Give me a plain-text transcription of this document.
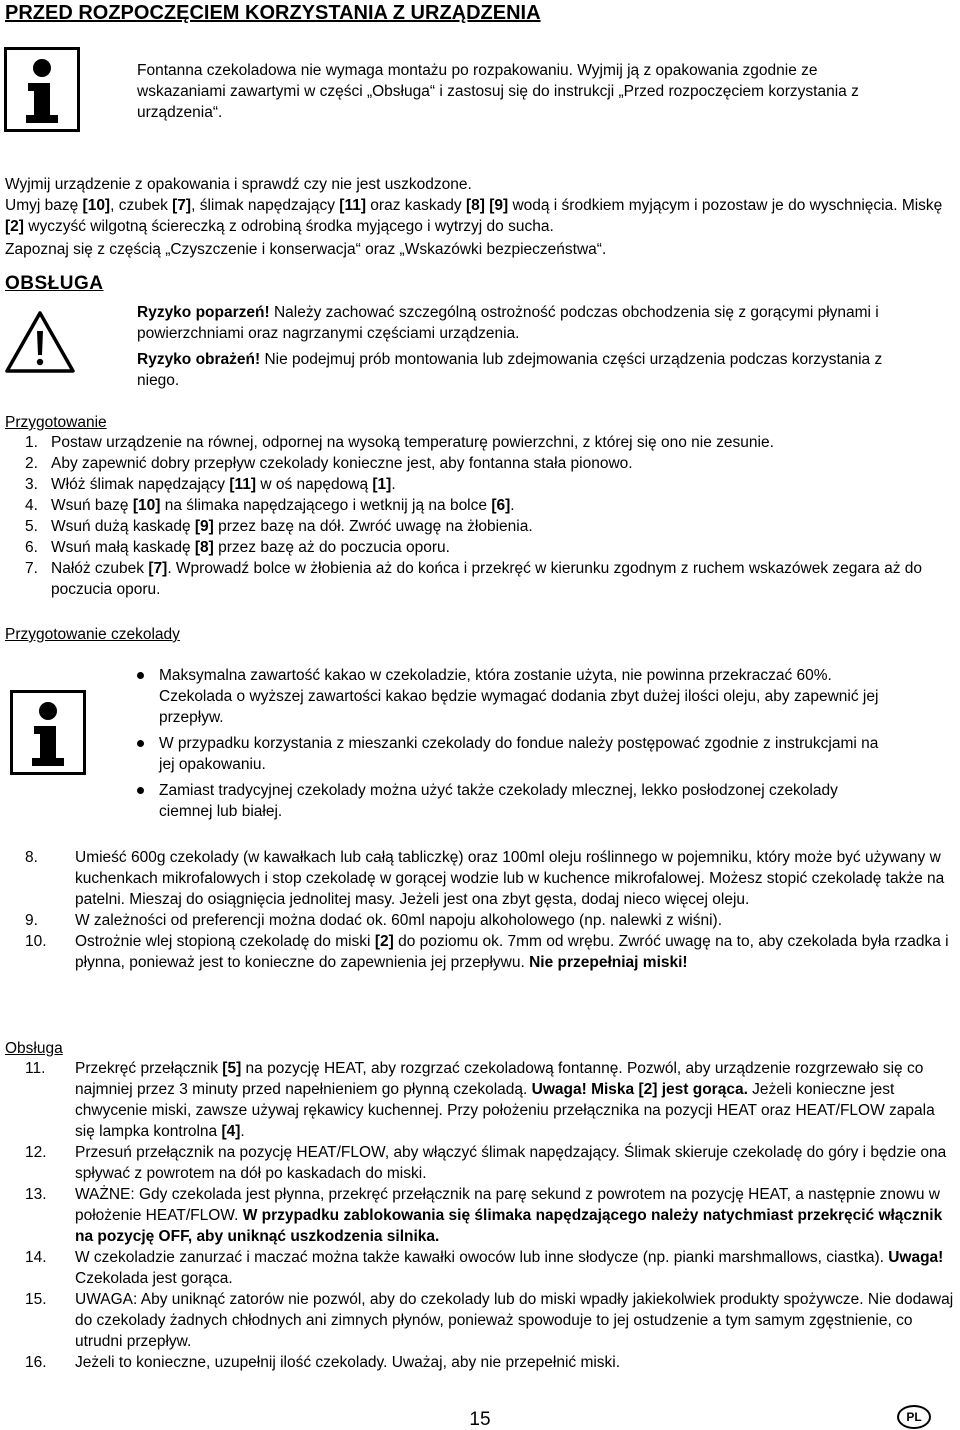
PRZED ROZPOCZĘCIEM KORZYSTANIA Z URZĄDZENIA

Fontanna czekoladowa nie wymaga montażu po rozpakowaniu. Wyjmij ją z opakowania zgodnie ze wskazaniami zawartymi w części „Obsługa“ i zastosuj się do instrukcji „Przed rozpoczęciem korzystania z urządzenia“.

Wyjmij urządzenie z opakowania i sprawdź czy nie jest uszkodzone.

Umyj bazę [10], czubek [7], ślimak napędzający [11] oraz kaskady [8] [9] wodą i środkiem myjącym i pozostaw je do wyschnięcia. Miskę [2] wyczyść wilgotną ściereczką z odrobiną środka myjącego i wytrzyj do sucha.

Zapoznaj się z częścią „Czyszczenie i konserwacja“ oraz „Wskazówki bezpieczeństwa“.

OBSŁUGA

Ryzyko poparzeń! Należy zachować szczególną ostrożność podczas obchodzenia się z gorącymi płynami i powierzchniami oraz nagrzanymi częściami urządzenia.

Ryzyko obrażeń! Nie podejmuj prób montowania lub zdejmowania części urządzenia podczas korzystania z niego.

Przygotowanie
1. Postaw urządzenie na równej, odpornej na wysoką temperaturę powierzchni, z której się ono nie zesunie.
2. Aby zapewnić dobry przepływ czekolady konieczne jest, aby fontanna stała pionowo.
3. Włóż ślimak napędzający [11] w oś napędową [1].
4. Wsuń bazę [10] na ślimaka napędzającego i wetknij ją na bolce [6].
5. Wsuń dużą kaskadę [9] przez bazę na dół. Zwróć uwagę na żłobienia.
6. Wsuń małą kaskadę [8] przez bazę aż do poczucia oporu.
7. Nałóż czubek [7]. Wprowadź bolce w żłobienia aż do końca i przekręć w kierunku zgodnym z ruchem wskazówek zegara aż do poczucia oporu.
Przygotowanie czekolady
Maksymalna zawartość kakao w czekoladzie, która zostanie użyta, nie powinna przekraczać 60%. Czekolada o wyższej zawartości kakao będzie wymagać dodania zbyt dużej ilości oleju, aby zapewnić jej przepływ.
W przypadku korzystania z mieszanki czekolady do fondue należy postępować zgodnie z instrukcjami na jej opakowaniu.
Zamiast tradycyjnej czekolady można użyć także czekolady mlecznej, lekko posłodzonej czekolady ciemnej lub białej.
8. Umieść 600g czekolady (w kawałkach lub całą tabliczkę) oraz 100ml oleju roślinnego w pojemniku, który może być używany w kuchenkach mikrofalowych i stop czekoladę w gorącej wodzie lub w kuchence mikrofalowej. Możesz stopić czekoladę także na patelni. Mieszaj do osiągnięcia jednolitej masy. Jeżeli jest ona zbyt gęsta, dodaj nieco więcej oleju.
9. W zależności od preferencji można dodać ok. 60ml napoju alkoholowego (np. nalewki z wiśni).
10. Ostrożnie wlej stopioną czekoladę do miski [2] do poziomu ok. 7mm od wrębu. Zwróć uwagę na to, aby czekolada była rzadka i płynna, ponieważ jest to konieczne do zapewnienia jej przepływu. Nie przepełniaj miski!
Obsługa
11. Przekręć przełącznik [5] na pozycję HEAT, aby rozgrzać czekoladową fontannę. Pozwól, aby urządzenie rozgrzewało się co najmniej przez 3 minuty przed napełnieniem go płynną czekoladą. Uwaga! Miska [2] jest gorąca. Jeżeli konieczne jest chwycenie miski, zawsze używaj rękawicy kuchennej. Przy położeniu przełącznika na pozycji HEAT oraz HEAT/FLOW zapala się lampka kontrolna [4].
12. Przesuń przełącznik na pozycję HEAT/FLOW, aby włączyć ślimak napędzający. Ślimak skieruje czekoladę do góry i będzie ona spływać z powrotem na dół po kaskadach do miski.
13. WAŻNE: Gdy czekolada jest płynna, przekręć przełącznik na parę sekund z powrotem na pozycję HEAT, a następnie znowu w położenie HEAT/FLOW. W przypadku zablokowania się ślimaka napędzającego należy natychmiast przekręcić włącznik na pozycję OFF, aby uniknąć uszkodzenia silnika.
14. W czekoladzie zanurzać i maczać można także kawałki owoców lub inne słodycze (np. pianki marshmallows, ciastka). Uwaga! Czekolada jest gorąca.
15. UWAGA: Aby uniknąć zatorów nie pozwól, aby do czekolady lub do miski wpadły jakiekolwiek produkty spożywcze. Nie dodawaj do czekolady żadnych chłodnych ani zimnych płynów, ponieważ spowoduje to jej ostudzenie a tym samym zgęstnienie, co utrudni przepływ.
16. Jeżeli to konieczne, uzupełnij ilość czekolady. Uważaj, aby nie przepełnić miski.
15	PL
